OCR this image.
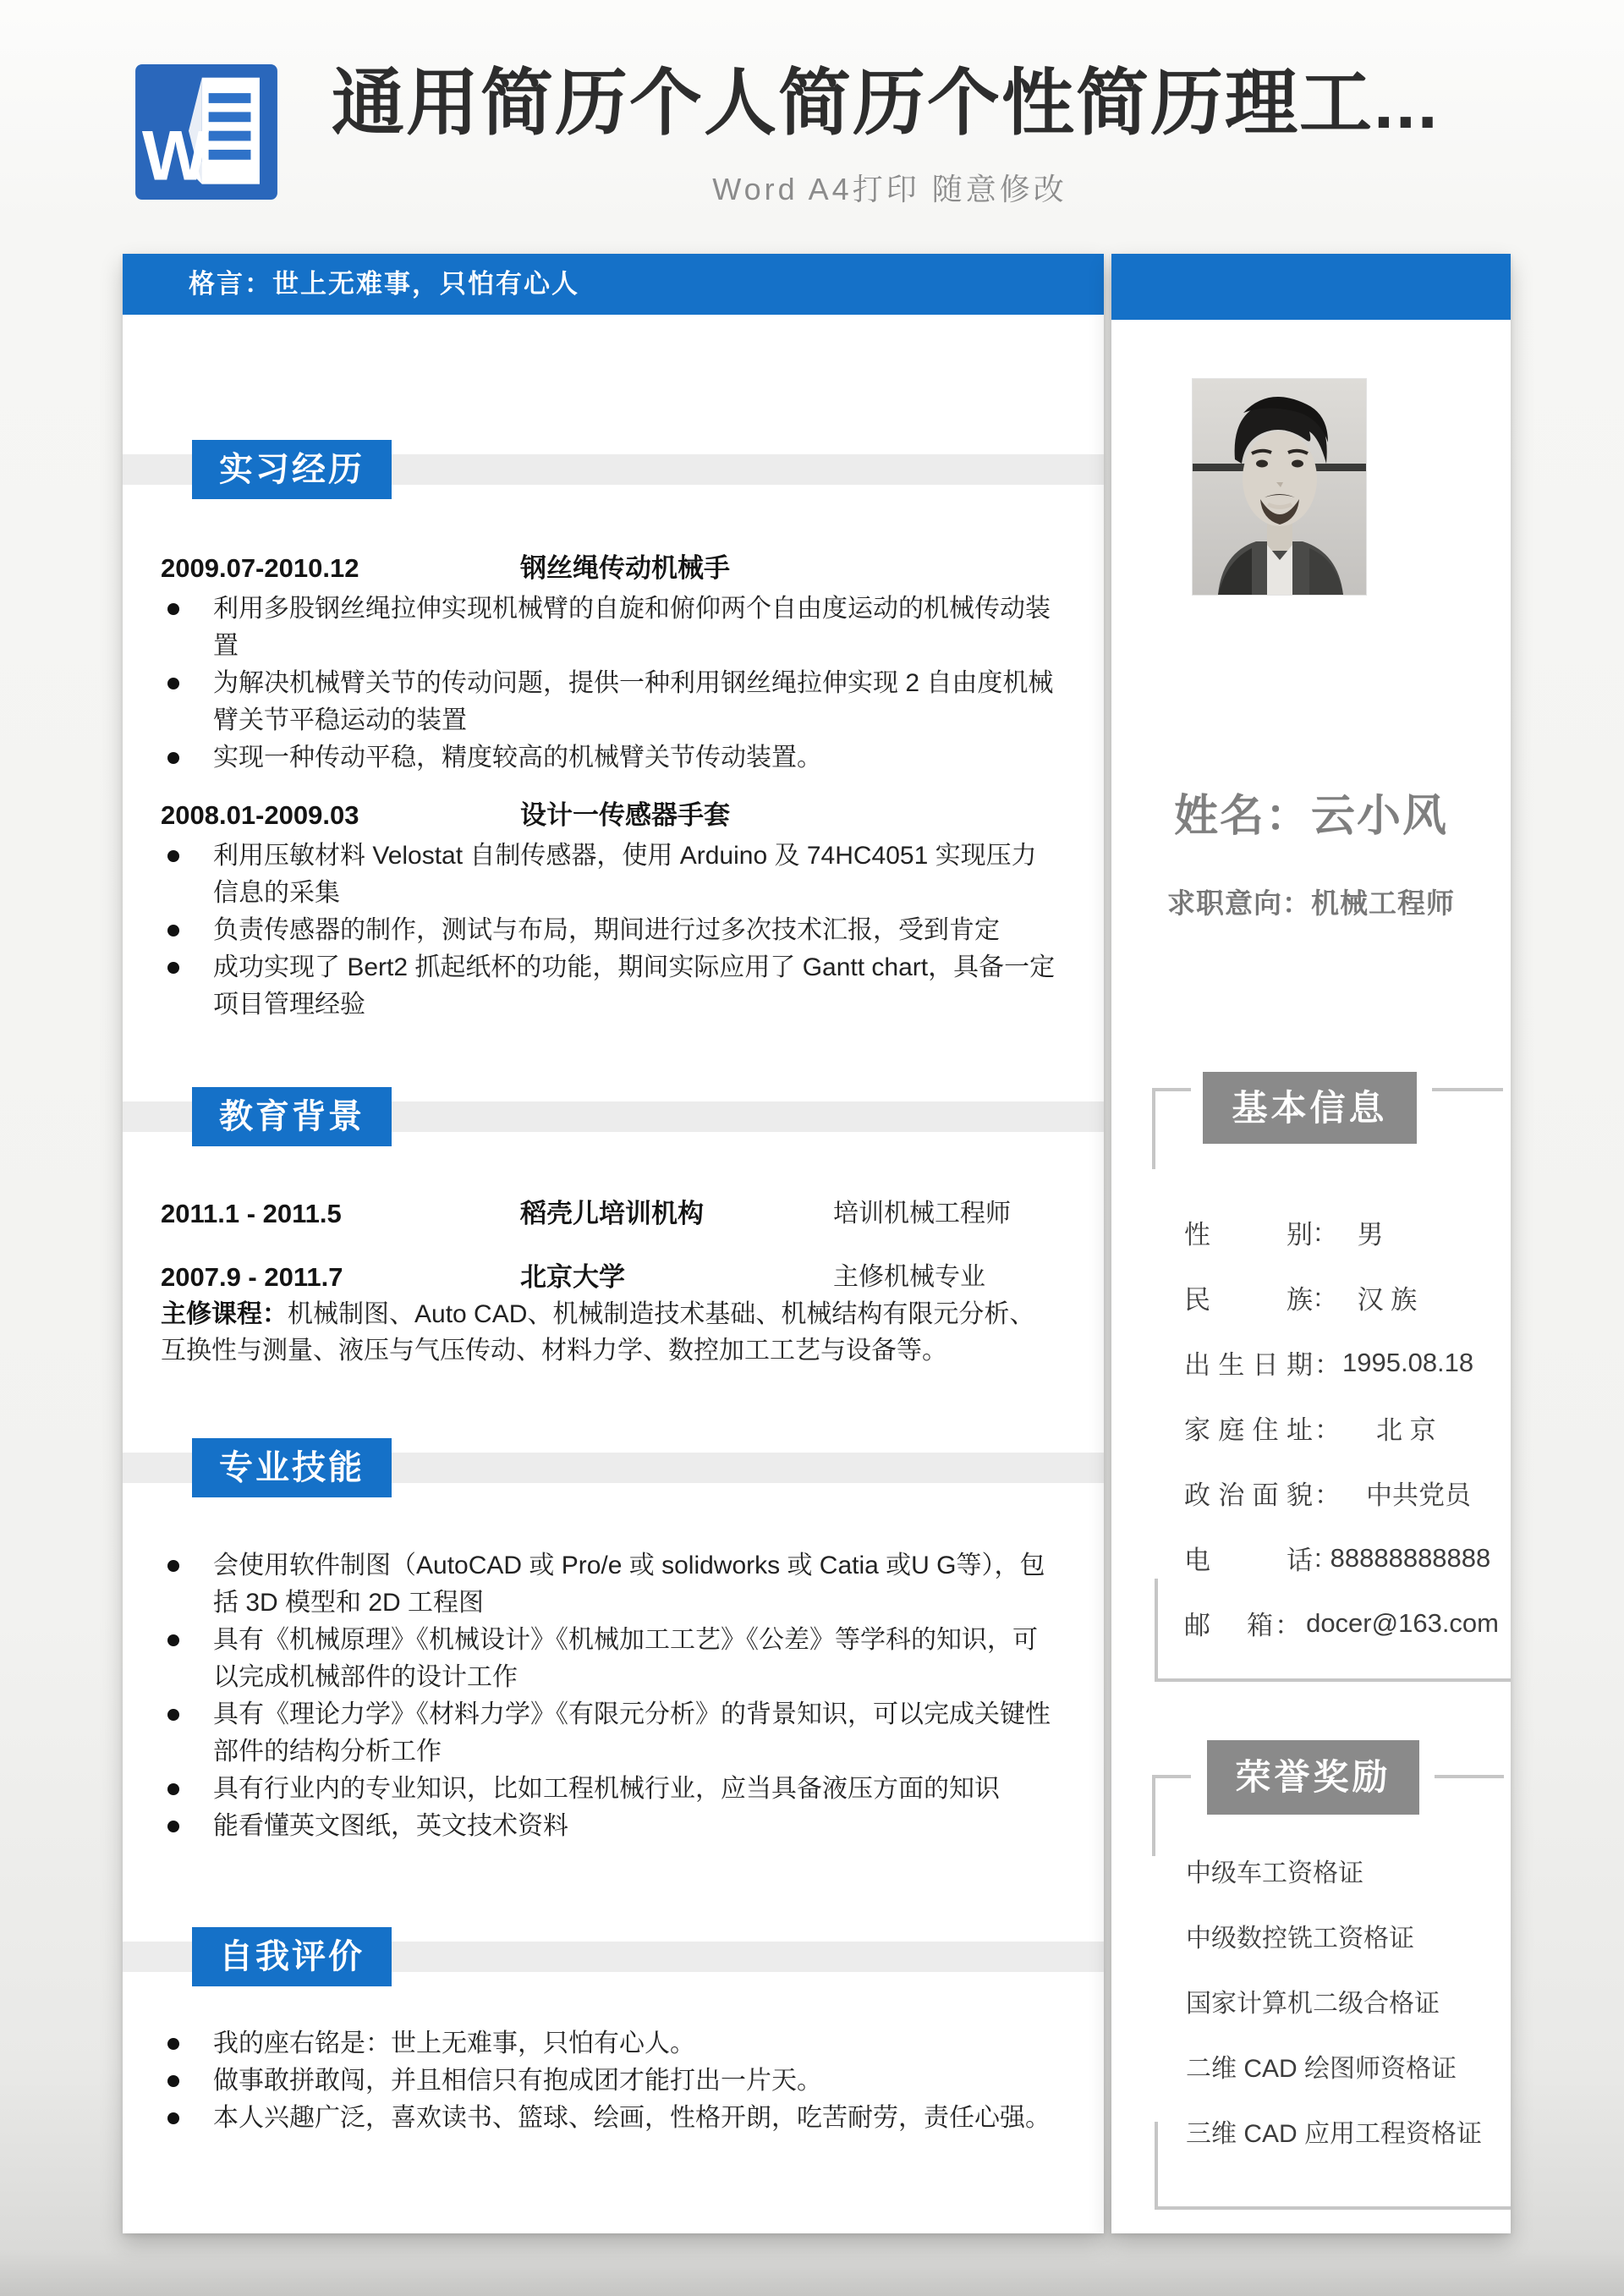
W
通用简历个人简历个性简历理工...
Word A4打印 随意修改
格言：世上无难事，只怕有心人
实习经历
2009.07-2010.12	钢丝绳传动机械手
利用多股钢丝绳拉伸实现机械臂的自旋和俯仰两个自由度运动的机械传动装置
为解决机械臂关节的传动问题，提供一种利用钢丝绳拉伸实现 2 自由度机械臂关节平稳运动的装置
实现一种传动平稳，精度较高的机械臂关节传动装置。
2008.01-2009.03	设计一传感器手套
利用压敏材料 Velostat 自制传感器，使用 Arduino 及 74HC4051 实现压力信息的采集
负责传感器的制作，测试与布局，期间进行过多次技术汇报，受到肯定
成功实现了 Bert2 抓起纸杯的功能，期间实际应用了 Gantt chart，具备一定项目管理经验
教育背景
2011.1 - 2011.5	稻壳儿培训机构	培训机械工程师
2007.9 - 2011.7	北京大学	主修机械专业

主修课程：机械制图、Auto CAD、机械制造技术基础、机械结构有限元分析、互换性与测量、液压与气压传动、材料力学、数控加工工艺与设备等。

专业技能
会使用软件制图（AutoCAD 或 Pro/e 或 solidworks 或 Catia 或U G等），包括 3D 模型和 2D 工程图
具有《机械原理》《机械设计》《机械加工工艺》《公差》等学科的知识，可以完成机械部件的设计工作
具有《理论力学》《材料力学》《有限元分析》的背景知识，可以完成关键性部件的结构分析工作
具有行业内的专业知识，比如工程机械行业，应当具备液压方面的知识
能看懂英文图纸，英文技术资料
自我评价
我的座右铭是：世上无难事，只怕有心人。
做事敢拼敢闯，并且相信只有抱成团才能打出一片天。
本人兴趣广泛，喜欢读书、篮球、绘画，性格开朗，吃苦耐劳，责任心强。
姓名：云小风
求职意向：机械工程师
基本信息
性别 : 男
民族 : 汉 族
出生日期 ： 1995.08.18
家庭住址 ： 北 京
政治面貌 ： 中共党员
电话 : 88888888888
邮箱 ： docer@163.com
荣誉奖励
中级车工资格证
中级数控铣工资格证
国家计算机二级合格证
二维 CAD 绘图师资格证
三维 CAD 应用工程资格证
